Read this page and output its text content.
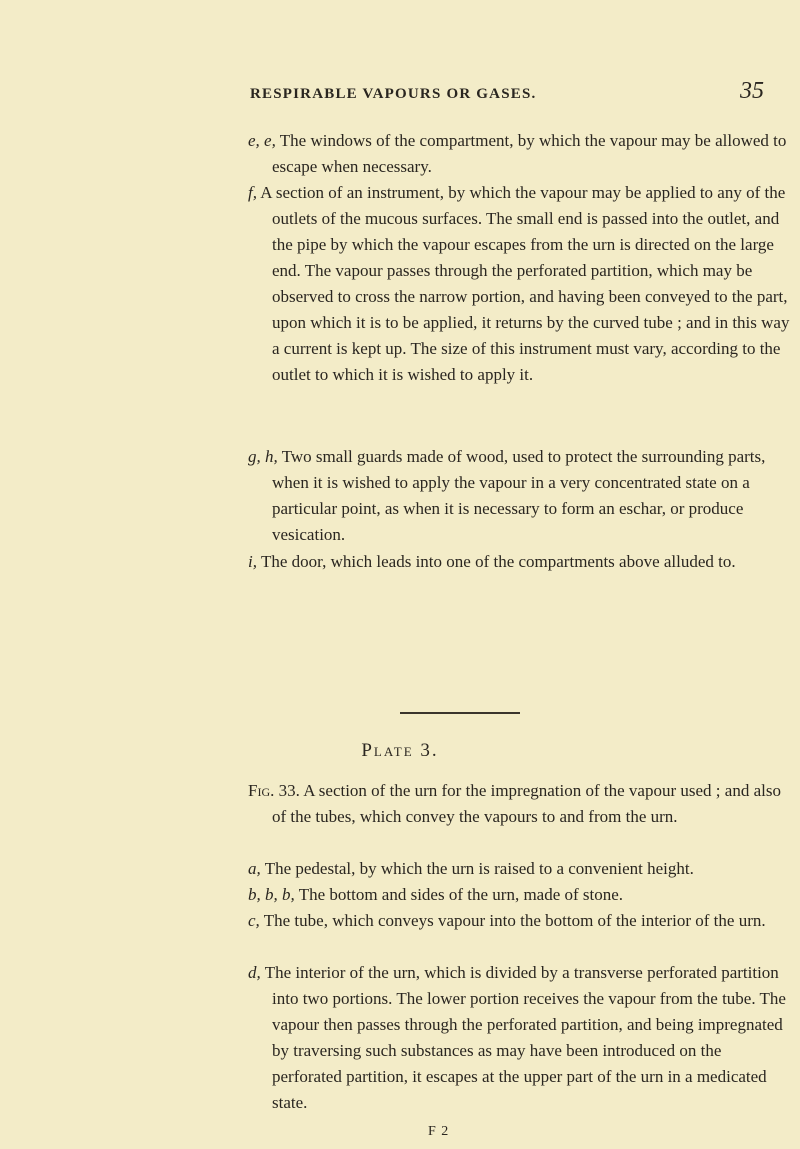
RESPIRABLE VAPOURS OR GASES.	35

e, e, The windows of the compartment, by which the vapour may be allowed to escape when necessary.

f, A section of an instrument, by which the vapour may be applied to any of the outlets of the mucous surfaces. The small end is passed into the outlet, and the pipe by which the vapour escapes from the urn is directed on the large end. The vapour passes through the perforated partition, which may be observed to cross the narrow portion, and having been conveyed to the part, upon which it is to be applied, it returns by the curved tube ; and in this way a current is kept up. The size of this instrument must vary, according to the outlet to which it is wished to apply it.

g, h, Two small guards made of wood, used to protect the surrounding parts, when it is wished to apply the vapour in a very concentrated state on a particular point, as when it is necessary to form an eschar, or produce vesication.

i, The door, which leads into one of the compartments above alluded to.

Plate 3.

Fig. 33. A section of the urn for the impregnation of the vapour used ; and also of the tubes, which convey the vapours to and from the urn.

a, The pedestal, by which the urn is raised to a convenient height.

b, b, b, The bottom and sides of the urn, made of stone.

c, The tube, which conveys vapour into the bottom of the interior of the urn.

d, The interior of the urn, which is divided by a transverse perforated partition into two portions. The lower portion receives the vapour from the tube. The vapour then passes through the perforated partition, and being impregnated by traversing such substances as may have been introduced on the perforated partition, it escapes at the upper part of the urn in a medicated state.

F 2
